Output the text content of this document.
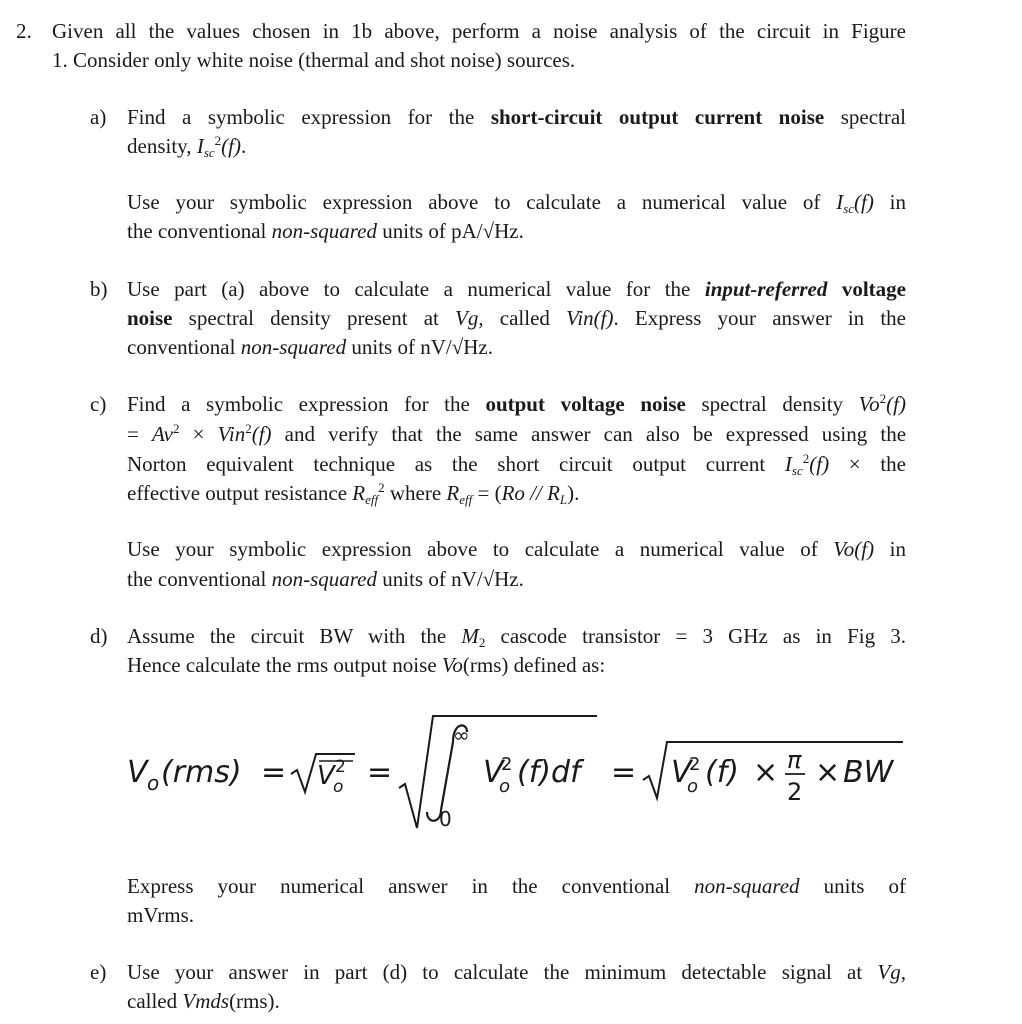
2. Given all the values chosen in 1b above, perform a noise analysis of the circuit in Figure
1. Consider only white noise (thermal and shot noise) sources.
a) Find a symbolic expression for the short-circuit output current noise spectral
density, $I_{sc}^2(f)$.
Use your symbolic expression above to calculate a numerical value of $I_{sc}(f)$ in
the conventional non-squared units of pA/√Hz.
b) Use part (a) above to calculate a numerical value for the input-referred voltage
noise spectral density present at Vg, called Vin(f). Express your answer in the
conventional non-squared units of nV/√Hz.
c) Find a symbolic expression for the output voltage noise spectral density $Vo^2(f)$
= $Av^2 \times Vin^2(f)$ and verify that the same answer can also be expressed using the
Norton equivalent technique as the short circuit output current $I_{sc}^2(f)$ × the
effective output resistance $R_{eff}^2$ where $R_{eff} = (Ro // R_L)$.
Use your symbolic expression above to calculate a numerical value of Vo(f) in
the conventional non-squared units of nV/√Hz.
d) Assume the circuit BW with the $M_2$ cascode transistor = 3 GHz as in Fig 3.
Hence calculate the rms output noise Vo(rms) defined as:
V o (rms) = V 2
o =
∞
0
V
2
o (f)df = V
2
o (f) × π
2
× BW
Express your numerical answer in the conventional non-squared units of
mVrms.
e) Use your answer in part (d) to calculate the minimum detectable signal at Vg,
called Vmds(rms).
